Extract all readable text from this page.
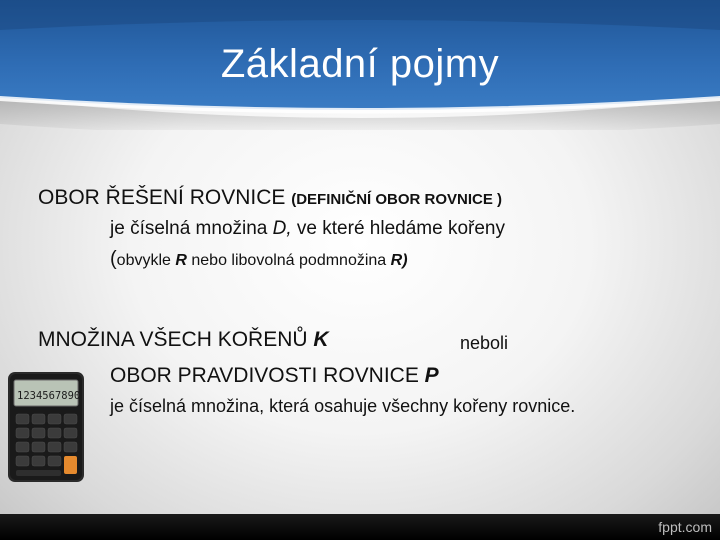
Základní pojmy
OBOR ŘEŠENÍ ROVNICE (DEFINIČNÍ OBOR ROVNICE )
je číselná množina D, ve které hledáme kořeny
(obvykle R nebo libovolná podmnožina R)
MNOŽINA VŠECH KOŘENŮ K	neboli
OBOR PRAVDIVOSTI ROVNICE P
je číselná množina, která osahuje všechny kořeny rovnice.
1234567890
fppt.com
